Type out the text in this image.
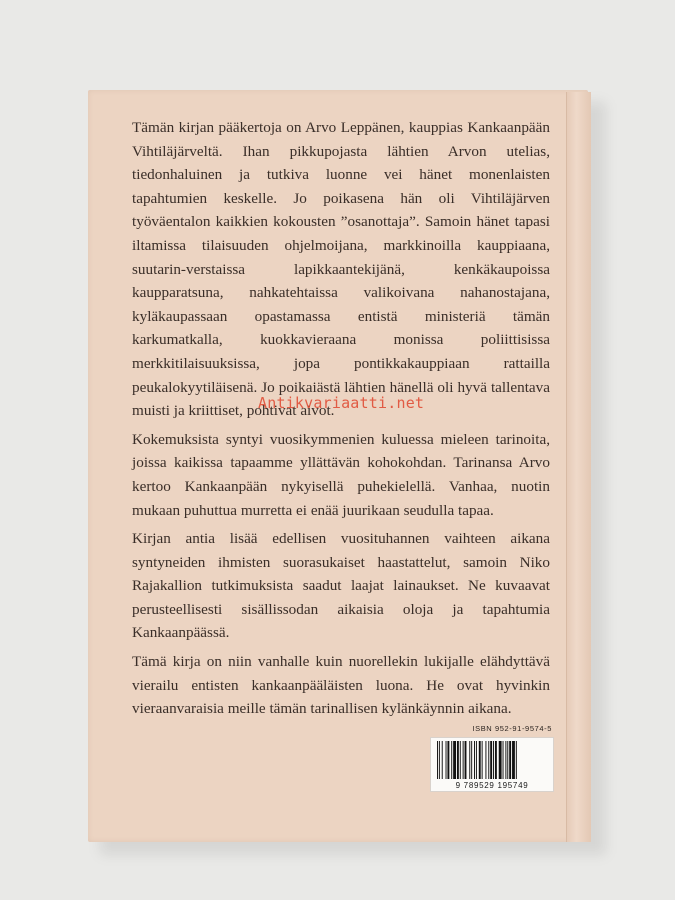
Tämän kirjan pääkertoja on Arvo Leppänen, kauppias Kankaanpään Vihtiläjärveltä. Ihan pikkupojasta lähtien Arvon utelias, tiedonhaluinen ja tutkiva luonne vei hänet monenlaisten tapahtumien keskelle. Jo poikasena hän oli Vihtiläjärven työväentalon kaikkien kokousten ”osanottaja”. Samoin hänet tapasi iltamissa tilaisuuden ohjelmoijana, markkinoilla kauppiaana, suutarin-verstaissa lapikkaantekijänä, kenkäkaupoissa kaupparatsuna, nahkatehtaissa valikoivana nahanostajana, kyläkaupassaan opastamassa entistä ministeriä tämän karkumatkalla, kuokkavieraana monissa poliittisissa merkkitilaisuuksissa, jopa pontikkakauppiaan rattailla peukalokyytiläisenä. Jo poikaiästä lähtien hänellä oli hyvä tallentava muisti ja kriittiset, pohtivat aivot.

Kokemuksista syntyi vuosikymmenien kuluessa mieleen tarinoita, joissa kaikissa tapaamme yllättävän kohokohdan. Tarinansa Arvo kertoo Kankaanpään nykyisellä puhekielellä. Vanhaa, nuotin mukaan puhuttua murretta ei enää juurikaan seudulla tapaa.

Kirjan antia lisää edellisen vuosituhannen vaihteen aikana syntyneiden ihmisten suorasukaiset haastattelut, samoin Niko Rajakallion tutkimuksista saadut laajat lainaukset. Ne kuvaavat perusteellisesti sisällissodan aikaisia oloja ja tapahtumia Kankaanpäässä.

Tämä kirja on niin vanhalle kuin nuorellekin lukijalle elähdyttävä vierailu entisten kankaanpääläisten luona. He ovat hyvinkin vieraanvaraisia meille tämän tarinallisen kylänkäynnin aikana.

Antikvariaatti.net
ISBN 952-91-9574-5
9 789529 195749
